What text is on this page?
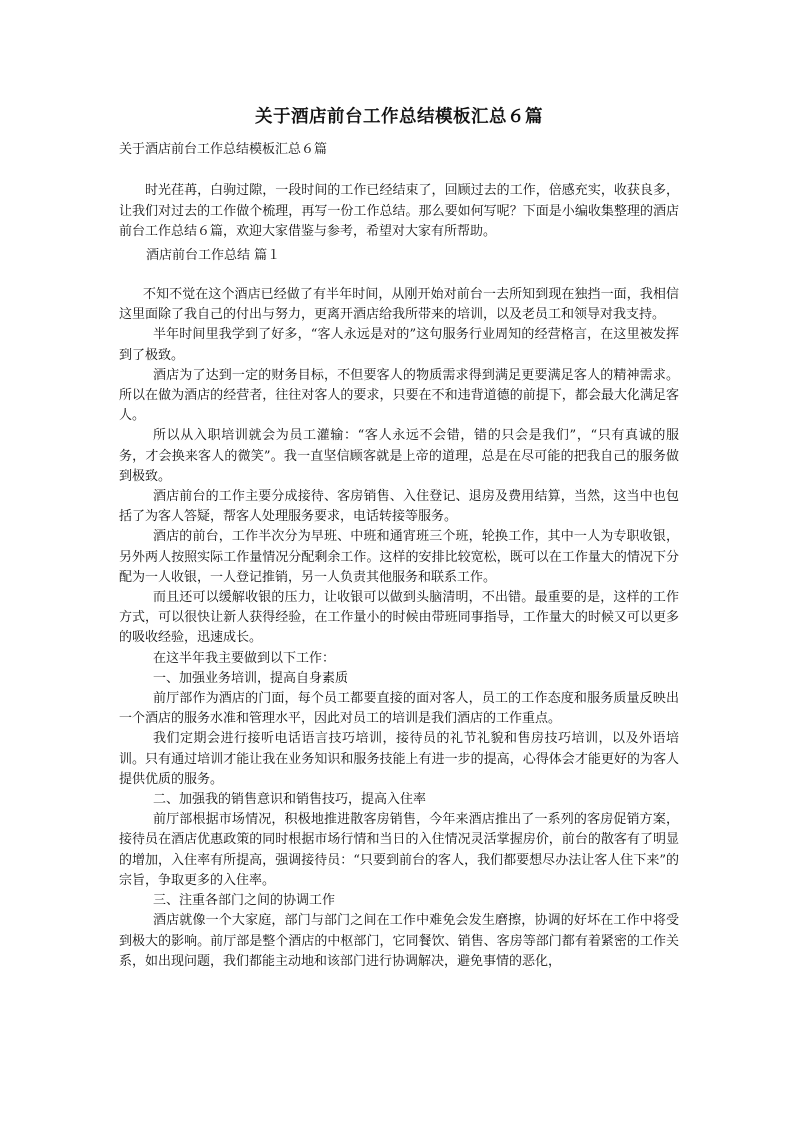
关于酒店前台工作总结模板汇总６篇

关于酒店前台工作总结模板汇总６篇

时光荏苒，白驹过隙，一段时间的工作已经结束了，回顾过去的工作，倍感充实，收获良多，让我们对过去的工作做个梳理，再写一份工作总结。那么要如何写呢？下面是小编收集整理的酒店前台工作总结６篇，欢迎大家借鉴与参考，希望对大家有所帮助。

酒店前台工作总结 篇１

不知不觉在这个酒店已经做了有半年时间，从刚开始对前台一去所知到现在独挡一面，我相信这里面除了我自己的付出与努力，更离开酒店给我所带来的培训，以及老员工和领导对我支持。

半年时间里我学到了好多，“客人永远是对的”这句服务行业周知的经营格言，在这里被发挥到了极致。

酒店为了达到一定的财务目标，不但要客人的物质需求得到满足更要满足客人的精神需求。所以在做为酒店的经营者，往往对客人的要求，只要在不和违背道德的前提下，都会最大化满足客人。

所以从入职培训就会为员工灌输：“客人永远不会错，错的只会是我们”，“只有真诚的服务，才会换来客人的微笑”。我一直坚信顾客就是上帝的道理，总是在尽可能的把我自己的服务做到极致。

酒店前台的工作主要分成接待、客房销售、入住登记、退房及费用结算，当然，这当中也包括了为客人答疑，帮客人处理服务要求，电话转接等服务。

酒店的前台，工作半次分为早班、中班和通宵班三个班，轮换工作，其中一人为专职收银，另外两人按照实际工作量情况分配剩余工作。这样的安排比较宽松，既可以在工作量大的情况下分配为一人收银，一人登记推销，另一人负责其他服务和联系工作。

而且还可以缓解收银的压力，让收银可以做到头脑清明，不出错。最重要的是，这样的工作方式，可以很快让新人获得经验，在工作量小的时候由带班同事指导，工作量大的时候又可以更多的吸收经验，迅速成长。

在这半年我主要做到以下工作：

一、加强业务培训，提高自身素质

前厅部作为酒店的门面，每个员工都要直接的面对客人，员工的工作态度和服务质量反映出一个酒店的服务水准和管理水平，因此对员工的培训是我们酒店的工作重点。

我们定期会进行接听电话语言技巧培训，接待员的礼节礼貌和售房技巧培训，以及外语培训。只有通过培训才能让我在业务知识和服务技能上有进一步的提高，心得体会才能更好的为客人提供优质的服务。

二、加强我的销售意识和销售技巧，提高入住率

前厅部根据市场情况，积极地推进散客房销售，今年来酒店推出了一系列的客房促销方案，接待员在酒店优惠政策的同时根据市场行情和当日的入住情况灵活掌握房价，前台的散客有了明显的增加，入住率有所提高，强调接待员：“只要到前台的客人，我们都要想尽办法让客人住下来”的宗旨，争取更多的入住率。

三、注重各部门之间的协调工作

酒店就像一个大家庭，部门与部门之间在工作中难免会发生磨擦，协调的好坏在工作中将受到极大的影响。前厅部是整个酒店的中枢部门，它同餐饮、销售、客房等部门都有着紧密的工作关系，如出现问题，我们都能主动地和该部门进行协调解决，避免事情的恶化，
